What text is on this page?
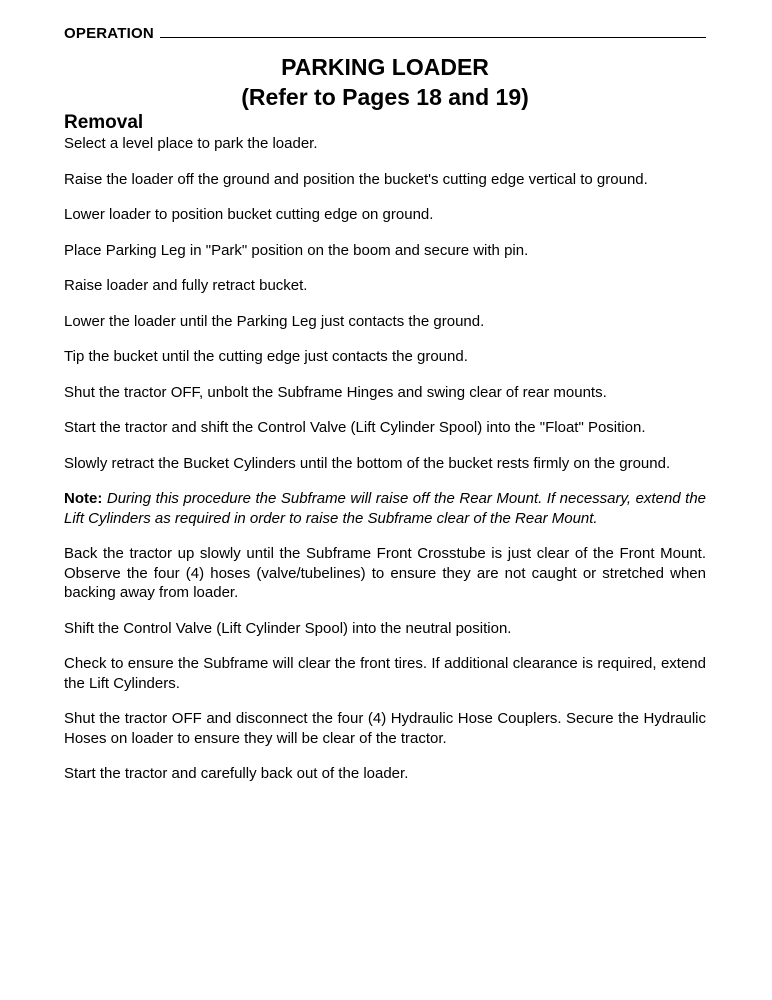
OPERATION
PARKING LOADER
(Refer to Pages 18 and 19)
Removal

Select a level place to park the loader.

Raise the loader off the ground and position the bucket's cutting edge vertical to ground.

Lower loader to position bucket cutting edge on ground.

Place Parking Leg in "Park" position on the boom and secure with pin.

Raise loader and fully retract bucket.

Lower the loader until the Parking Leg just contacts the ground.

Tip the bucket until the cutting edge just contacts the ground.

Shut the tractor OFF, unbolt the Subframe Hinges and swing clear of rear mounts.

Start the tractor and shift the Control Valve (Lift Cylinder Spool) into the "Float" Position.

Slowly retract the Bucket Cylinders until the bottom of the bucket rests firmly on the ground.

Note: During this procedure the Subframe will raise off the Rear Mount. If necessary, extend the Lift Cylinders as required in order to raise the Subframe clear of the Rear Mount.

Back the tractor up slowly until the Subframe Front Crosstube is just clear of the Front Mount. Observe the four (4) hoses (valve/tubelines) to ensure they are not caught or stretched when backing away from loader.

Shift the Control Valve (Lift Cylinder Spool) into the neutral position.

Check to ensure the Subframe will clear the front tires. If additional clearance is required, extend the Lift Cylinders.

Shut the tractor OFF and disconnect the four (4) Hydraulic Hose Couplers. Secure the Hydraulic Hoses on loader to ensure they will be clear of the tractor.

Start the tractor and carefully back out of the loader.
